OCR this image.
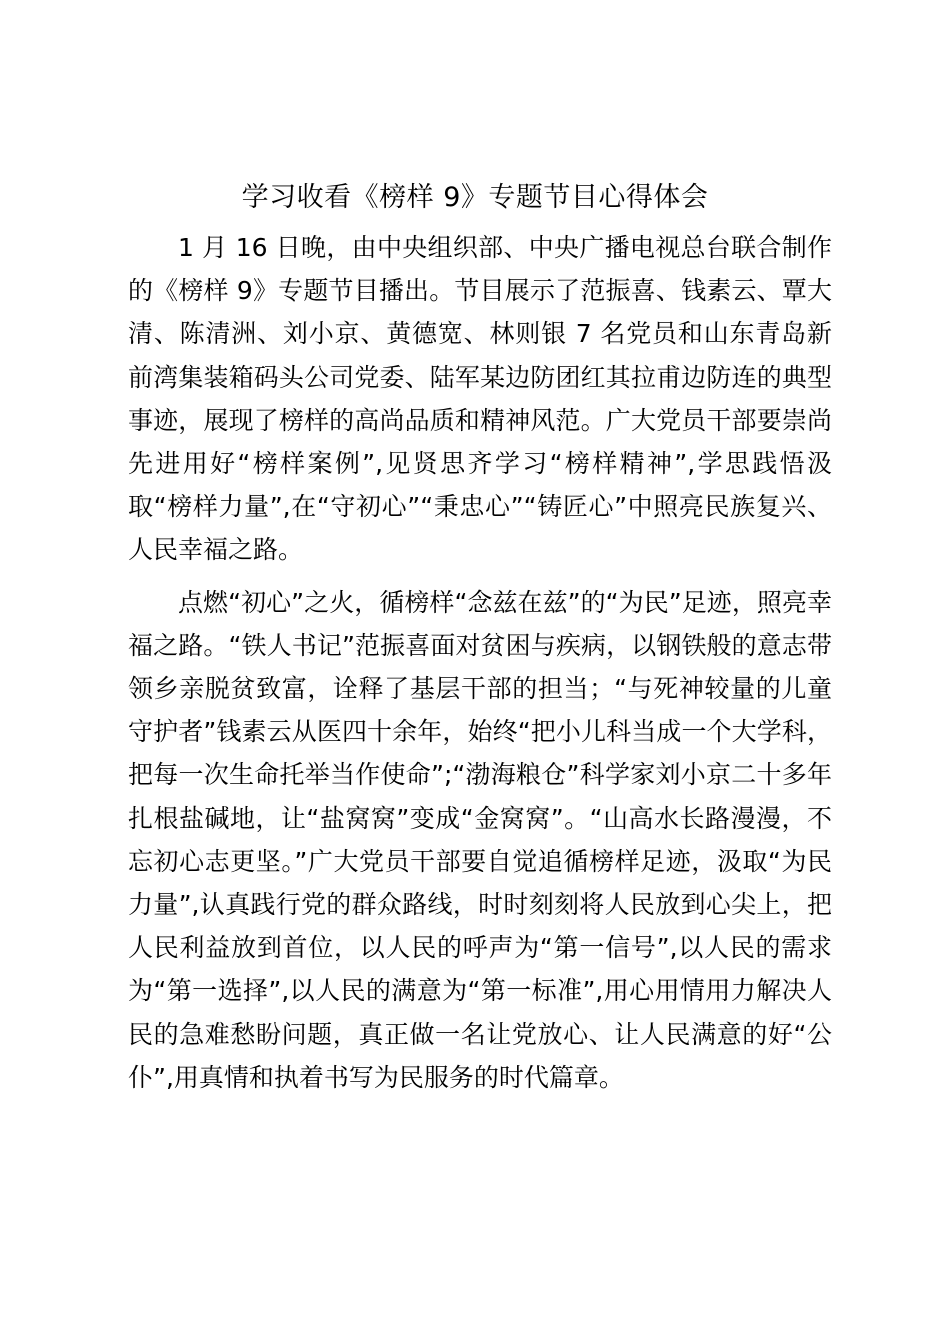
学习收看《榜样 9》专题节目心得体会

1 月 16 日晚，由中央组织部、中央广播电视总台联合制作的《榜样 9》专题节目播出。节目展示了范振喜、钱素云、覃大清、陈清洲、刘小京、黄德宽、林则银 7 名党员和山东青岛新前湾集装箱码头公司党委、陆军某边防团红其拉甫边防连的典型事迹，展现了榜样的高尚品质和精神风范。广大党员干部要崇尚先进用好“榜样案例”,见贤思齐学习“榜样精神”,学思践悟汲取“榜样力量”,在“守初心”“秉忠心”“铸匠心”中照亮民族复兴、人民幸福之路。

点燃“初心”之火，循榜样“念兹在兹”的“为民”足迹，照亮幸福之路。“铁人书记”范振喜面对贫困与疾病，以钢铁般的意志带领乡亲脱贫致富，诠释了基层干部的担当；“与死神较量的儿童守护者”钱素云从医四十余年，始终“把小儿科当成一个大学科，把每一次生命托举当作使命”;“渤海粮仓”科学家刘小京二十多年扎根盐碱地，让“盐窝窝”变成“金窝窝”。“山高水长路漫漫，不忘初心志更坚。”广大党员干部要自觉追循榜样足迹，汲取“为民力量”,认真践行党的群众路线，时时刻刻将人民放到心尖上，把人民利益放到首位，以人民的呼声为“第一信号”,以人民的需求为“第一选择”,以人民的满意为“第一标准”,用心用情用力解决人民的急难愁盼问题，真正做一名让党放心、让人民满意的好“公仆”,用真情和执着书写为民服务的时代篇章。
